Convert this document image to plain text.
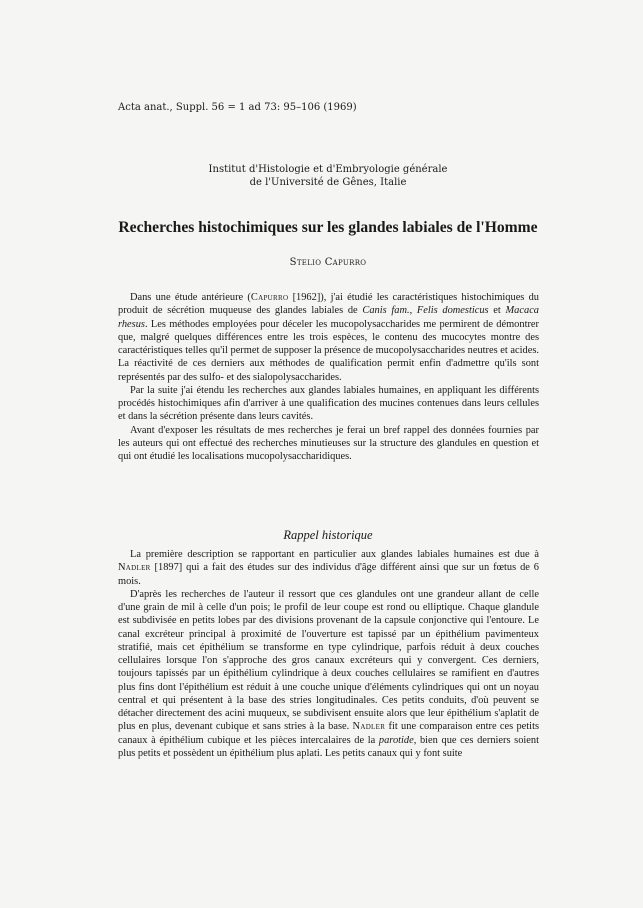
Acta anat., Suppl. 56 = 1 ad 73: 95–106 (1969)
Institut d'Histologie et d'Embryologie générale
de l'Université de Gênes, Italie
Recherches histochimiques sur les glandes labiales de l'Homme
Stelio Capurro

Dans une étude antérieure (Capurro [1962]), j'ai étudié les caractéristiques histochimiques du produit de sécrétion muqueuse des glandes labiales de Canis fam., Felis domesticus et Macaca rhesus. Les méthodes employées pour déceler les mucopolysaccharides me permirent de démontrer que, malgré quelques différences entre les trois espèces, le contenu des mucocytes montre des caractéristiques telles qu'il permet de supposer la présence de mucopolysaccharides neutres et acides. La réactivité de ces derniers aux méthodes de qualification permit enfin d'admettre qu'ils sont représentés par des sulfo- et des sialopolysaccharides.

Par la suite j'ai étendu les recherches aux glandes labiales humaines, en appliquant les différents procédés histochimiques afin d'arriver à une qualification des mucines contenues dans leurs cellules et dans la sécrétion présente dans leurs cavités.

Avant d'exposer les résultats de mes recherches je ferai un bref rappel des données fournies par les auteurs qui ont effectué des recherches minutieuses sur la structure des glandules en question et qui ont étudié les localisations mucopolysaccharidiques.

Rappel historique

La première description se rapportant en particulier aux glandes labiales humaines est due à Nadler [1897] qui a fait des études sur des individus d'âge différent ainsi que sur un fœtus de 6 mois.

D'après les recherches de l'auteur il ressort que ces glandules ont une grandeur allant de celle d'une grain de mil à celle d'un pois; le profil de leur coupe est rond ou elliptique. Chaque glandule est subdivisée en petits lobes par des divisions provenant de la capsule conjonctive qui l'entoure. Le canal excréteur principal à proximité de l'ouverture est tapissé par un épithélium pavimenteux stratifié, mais cet épithélium se transforme en type cylindrique, parfois réduit à deux couches cellulaires lorsque l'on s'approche des gros canaux excréteurs qui y convergent. Ces derniers, toujours tapissés par un épithélium cylindrique à deux couches cellulaires se ramifient en d'autres plus fins dont l'épithélium est réduit à une couche unique d'éléments cylindriques qui ont un noyau central et qui présentent à la base des stries longitudinales. Ces petits conduits, d'où peuvent se détacher directement des acini muqueux, se subdivisent ensuite alors que leur épithélium s'aplatit de plus en plus, devenant cubique et sans stries à la base. Nadler fit une comparaison entre ces petits canaux à épithélium cubique et les pièces intercalaires de la parotide, bien que ces derniers soient plus petits et possèdent un épithélium plus aplati. Les petits canaux qui y font suite
